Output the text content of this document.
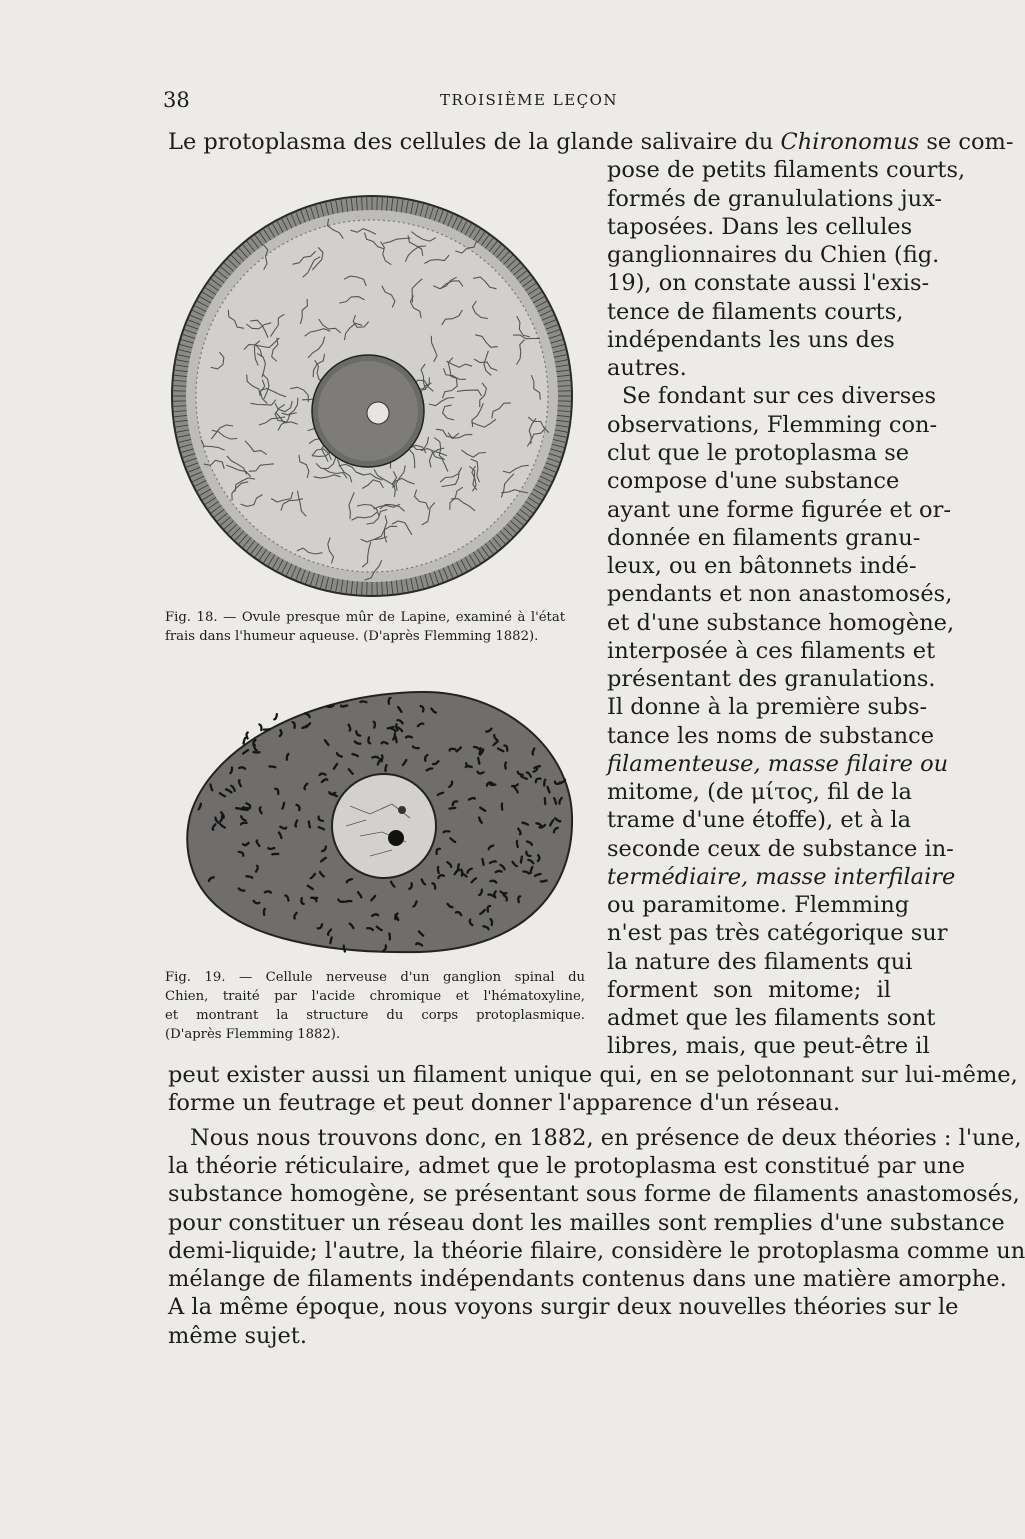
38	TROISIÈME LEÇON
Le protoplasma des cellules de la glande salivaire du Chironomus se com-
pose de petits filaments courts,
formés de granululations jux-
taposées. Dans les cellules
ganglionnaires du Chien (fig.
19), on constate aussi l'exis-
tence de filaments courts,
indépendants les uns des
autres.
Se fondant sur ces diverses
observations, Flemming con-
clut que le protoplasma se
compose d'une substance
ayant une forme figurée et or-
donnée en filaments granu-
leux, ou en bâtonnets indé-
pendants et non anastomosés,
et d'une substance homogène,
interposée à ces filaments et
présentant des granulations.
Il donne à la première subs-
tance les noms de substance
filamenteuse, masse filaire ou
mitome, (de μίτος, fil de la
trame d'une étoffe), et à la
seconde ceux de substance in-
termédiaire, masse interfilaire
ou paramitome. Flemming
n'est pas très catégorique sur
la nature des filaments qui
forment son mitome; il
admet que les filaments sont
libres, mais, que peut-être il
peut exister aussi un filament unique qui, en se pelotonnant sur lui-même,
forme un feutrage et peut donner l'apparence d'un réseau.
Nous nous trouvons donc, en 1882, en présence de deux théories : l'une,
la théorie réticulaire, admet que le protoplasma est constitué par une
substance homogène, se présentant sous forme de filaments anastomosés,
pour constituer un réseau dont les mailles sont remplies d'une substance
demi-liquide; l'autre, la théorie filaire, considère le protoplasma comme un
mélange de filaments indépendants contenus dans une matière amorphe.
A la même époque, nous voyons surgir deux nouvelles théories sur le
même sujet.
Fig. 18. — Ovule presque mûr de Lapine, examiné à l'état
frais dans l'humeur aqueuse. (D'après Flemming 1882).
Fig. 19. — Cellule nerveuse d'un ganglion spinal du
Chien, traité par l'acide chromique et l'hématoxyline,
et montrant la structure du corps protoplasmique.
(D'après Flemming 1882).
